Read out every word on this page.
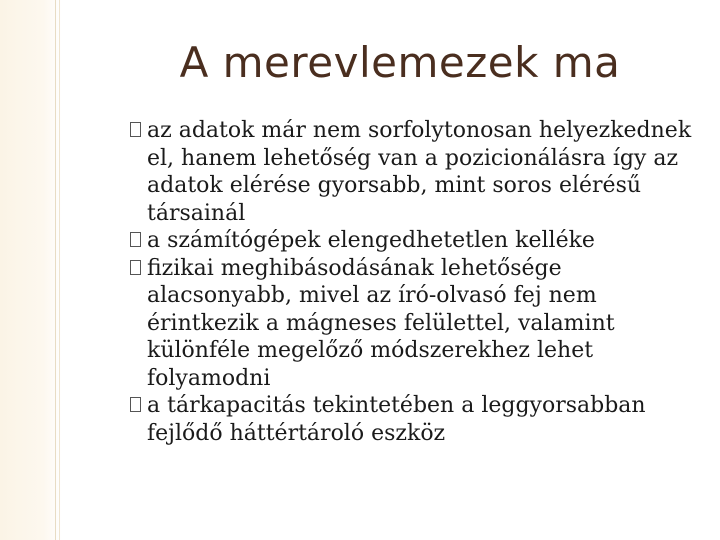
A merevlemezek ma

az adatok már nem sorfolytonosan helyezkednek el, hanem lehetőség van a pozicionálásra így az adatok elérése gyorsabb, mint soros elérésű társainál

a számítógépek elengedhetetlen kelléke

fizikai meghibásodásának lehetősége alacsonyabb, mivel az író-olvasó fej nem érintkezik a mágneses felülettel, valamint különféle megelőző módszerekhez lehet folyamodni

a tárkapacitás tekintetében a leggyorsabban fejlődő háttértároló eszköz
